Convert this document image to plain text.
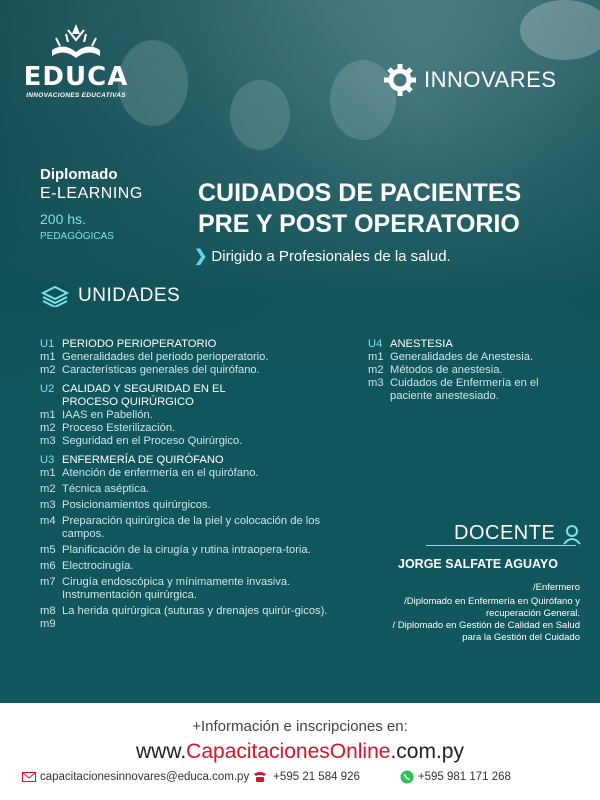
EDUCA
INNOVACIONES EDUCATIVAS
INNOVARES
Diplomado
E-LEARNING
200 hs.
PEDAGÓGICAS
CUIDADOS DE PACIENTES
PRE Y POST OPERATORIO
❯ Dirigido a Profesionales de la salud.
UNIDADES
U1 PERIODO PERIOPERATORIO
m1 Generalidades del periodo perioperatorio.
m2 Características generales del quirófano.
U2 CALIDAD Y SEGURIDAD EN EL PROCESO QUIRÚRGICO
m1 IAAS en Pabellón.
m2 Proceso Esterilización.
m3 Seguridad en el Proceso Quirúrgico.
U3 ENFERMERÍA DE QUIRÓFANO
m1 Atención de enfermería en el quirófano.
m2 Técnica aséptica.
m3 Posicionamientos quirúrgicos.
m4 Preparación quirúrgica de la piel y colocación de los campos.
m5 Planificación de la cirugía y rutina intraopera-toria.
m6 Electrocirugía.
m7 Cirugía endoscópica y mínimamente invasiva. Instrumentación quirúrgica.
m8
m9
La herida quirúrgica (suturas y drenajes quirúr-gicos).
U4 ANESTESIA
m1 Generalidades de Anestesia.
m2 Métodos de anestesia.
m3 Cuidados de Enfermería en el paciente anestesiado.
DOCENTE
JORGE SALFATE AGUAYO
/Enfermero
/Diplomado en Enfermería en Quirófano y recuperación General.
/ Diplomado en Gestión de Calidad en Salud para la Gestión del Cuidado
+Información e inscripciones en:
www.CapacitacionesOnline.com.py
capacitacionesinnovares@educa.com.py +595 21 584 926	+595 981 171 268
